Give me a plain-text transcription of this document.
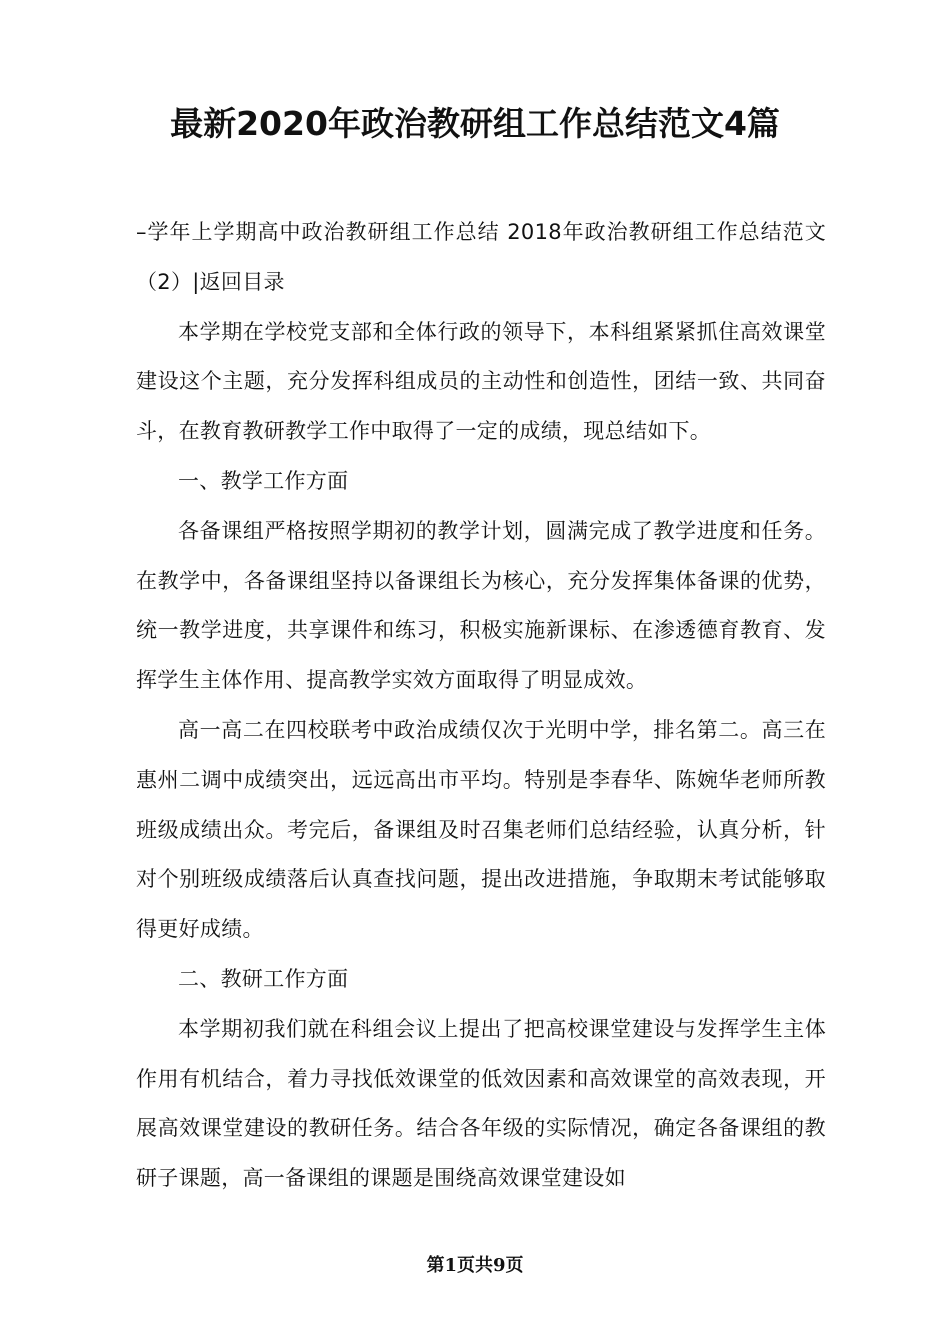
最新2020年政治教研组工作总结范文4篇

–学年上学期高中政治教研组工作总结 2018年政治教研组工作总结范文（2）|返回目录

本学期在学校党支部和全体行政的领导下，本科组紧紧抓住高效课堂建设这个主题，充分发挥科组成员的主动性和创造性，团结一致、共同奋斗，在教育教研教学工作中取得了一定的成绩，现总结如下。

一、教学工作方面

各备课组严格按照学期初的教学计划，圆满完成了教学进度和任务。在教学中，各备课组坚持以备课组长为核心，充分发挥集体备课的优势，统一教学进度，共享课件和练习，积极实施新课标、在渗透德育教育、发挥学生主体作用、提高教学实效方面取得了明显成效。

高一高二在四校联考中政治成绩仅次于光明中学，排名第二。高三在惠州二调中成绩突出，远远高出市平均。特别是李春华、陈婉华老师所教班级成绩出众。考完后，备课组及时召集老师们总结经验，认真分析，针对个别班级成绩落后认真查找问题，提出改进措施，争取期末考试能够取得更好成绩。

二、教研工作方面

本学期初我们就在科组会议上提出了把高校课堂建设与发挥学生主体作用有机结合，着力寻找低效课堂的低效因素和高效课堂的高效表现，开展高效课堂建设的教研任务。结合各年级的实际情况，确定各备课组的教研子课题，高一备课组的课题是围绕高效课堂建设如

第1页共9页
